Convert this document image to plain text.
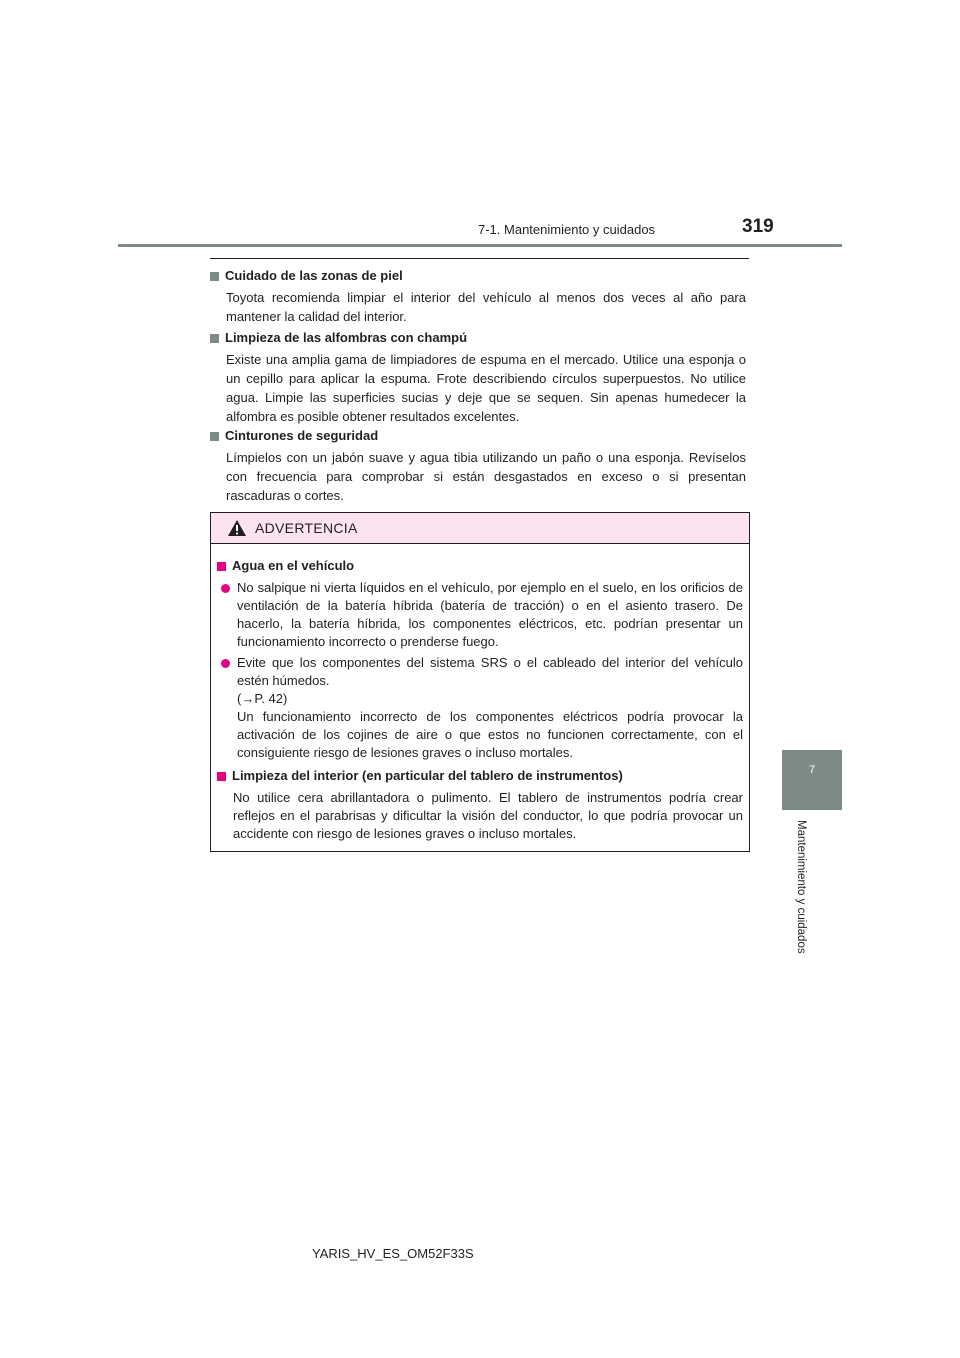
7-1. Mantenimiento y cuidados	319
7
Mantenimiento y cuidados
Cuidado de las zonas de piel
Toyota recomienda limpiar el interior del vehículo al menos dos veces al año para mantener la calidad del interior.
Limpieza de las alfombras con champú
Existe una amplia gama de limpiadores de espuma en el mercado. Utilice una esponja o un cepillo para aplicar la espuma. Frote describiendo círculos superpuestos. No utilice agua. Limpie las superficies sucias y deje que se sequen. Sin apenas humedecer la alfombra es posible obtener resultados excelentes.
Cinturones de seguridad
Límpielos con un jabón suave y agua tibia utilizando un paño o una esponja. Revíselos con frecuencia para comprobar si están desgastados en exceso o si presentan rascaduras o cortes.
ADVERTENCIA
Agua en el vehículo
No salpique ni vierta líquidos en el vehículo, por ejemplo en el suelo, en los orificios de ventilación de la batería híbrida (batería de tracción) o en el asiento trasero. De hacerlo, la batería híbrida, los componentes eléctricos, etc. podrían presentar un funcionamiento incorrecto o prenderse fuego.
Evite que los componentes del sistema SRS o el cableado del interior del vehículo estén húmedos.
(→P. 42)
Un funcionamiento incorrecto de los componentes eléctricos podría provocar la activación de los cojines de aire o que estos no funcionen correctamente, con el consiguiente riesgo de lesiones graves o incluso mortales.
Limpieza del interior (en particular del tablero de instrumentos)
No utilice cera abrillantadora o pulimento. El tablero de instrumentos podría crear reflejos en el parabrisas y dificultar la visión del conductor, lo que podría provocar un accidente con riesgo de lesiones graves o incluso mortales.
YARIS_HV_ES_OM52F33S
